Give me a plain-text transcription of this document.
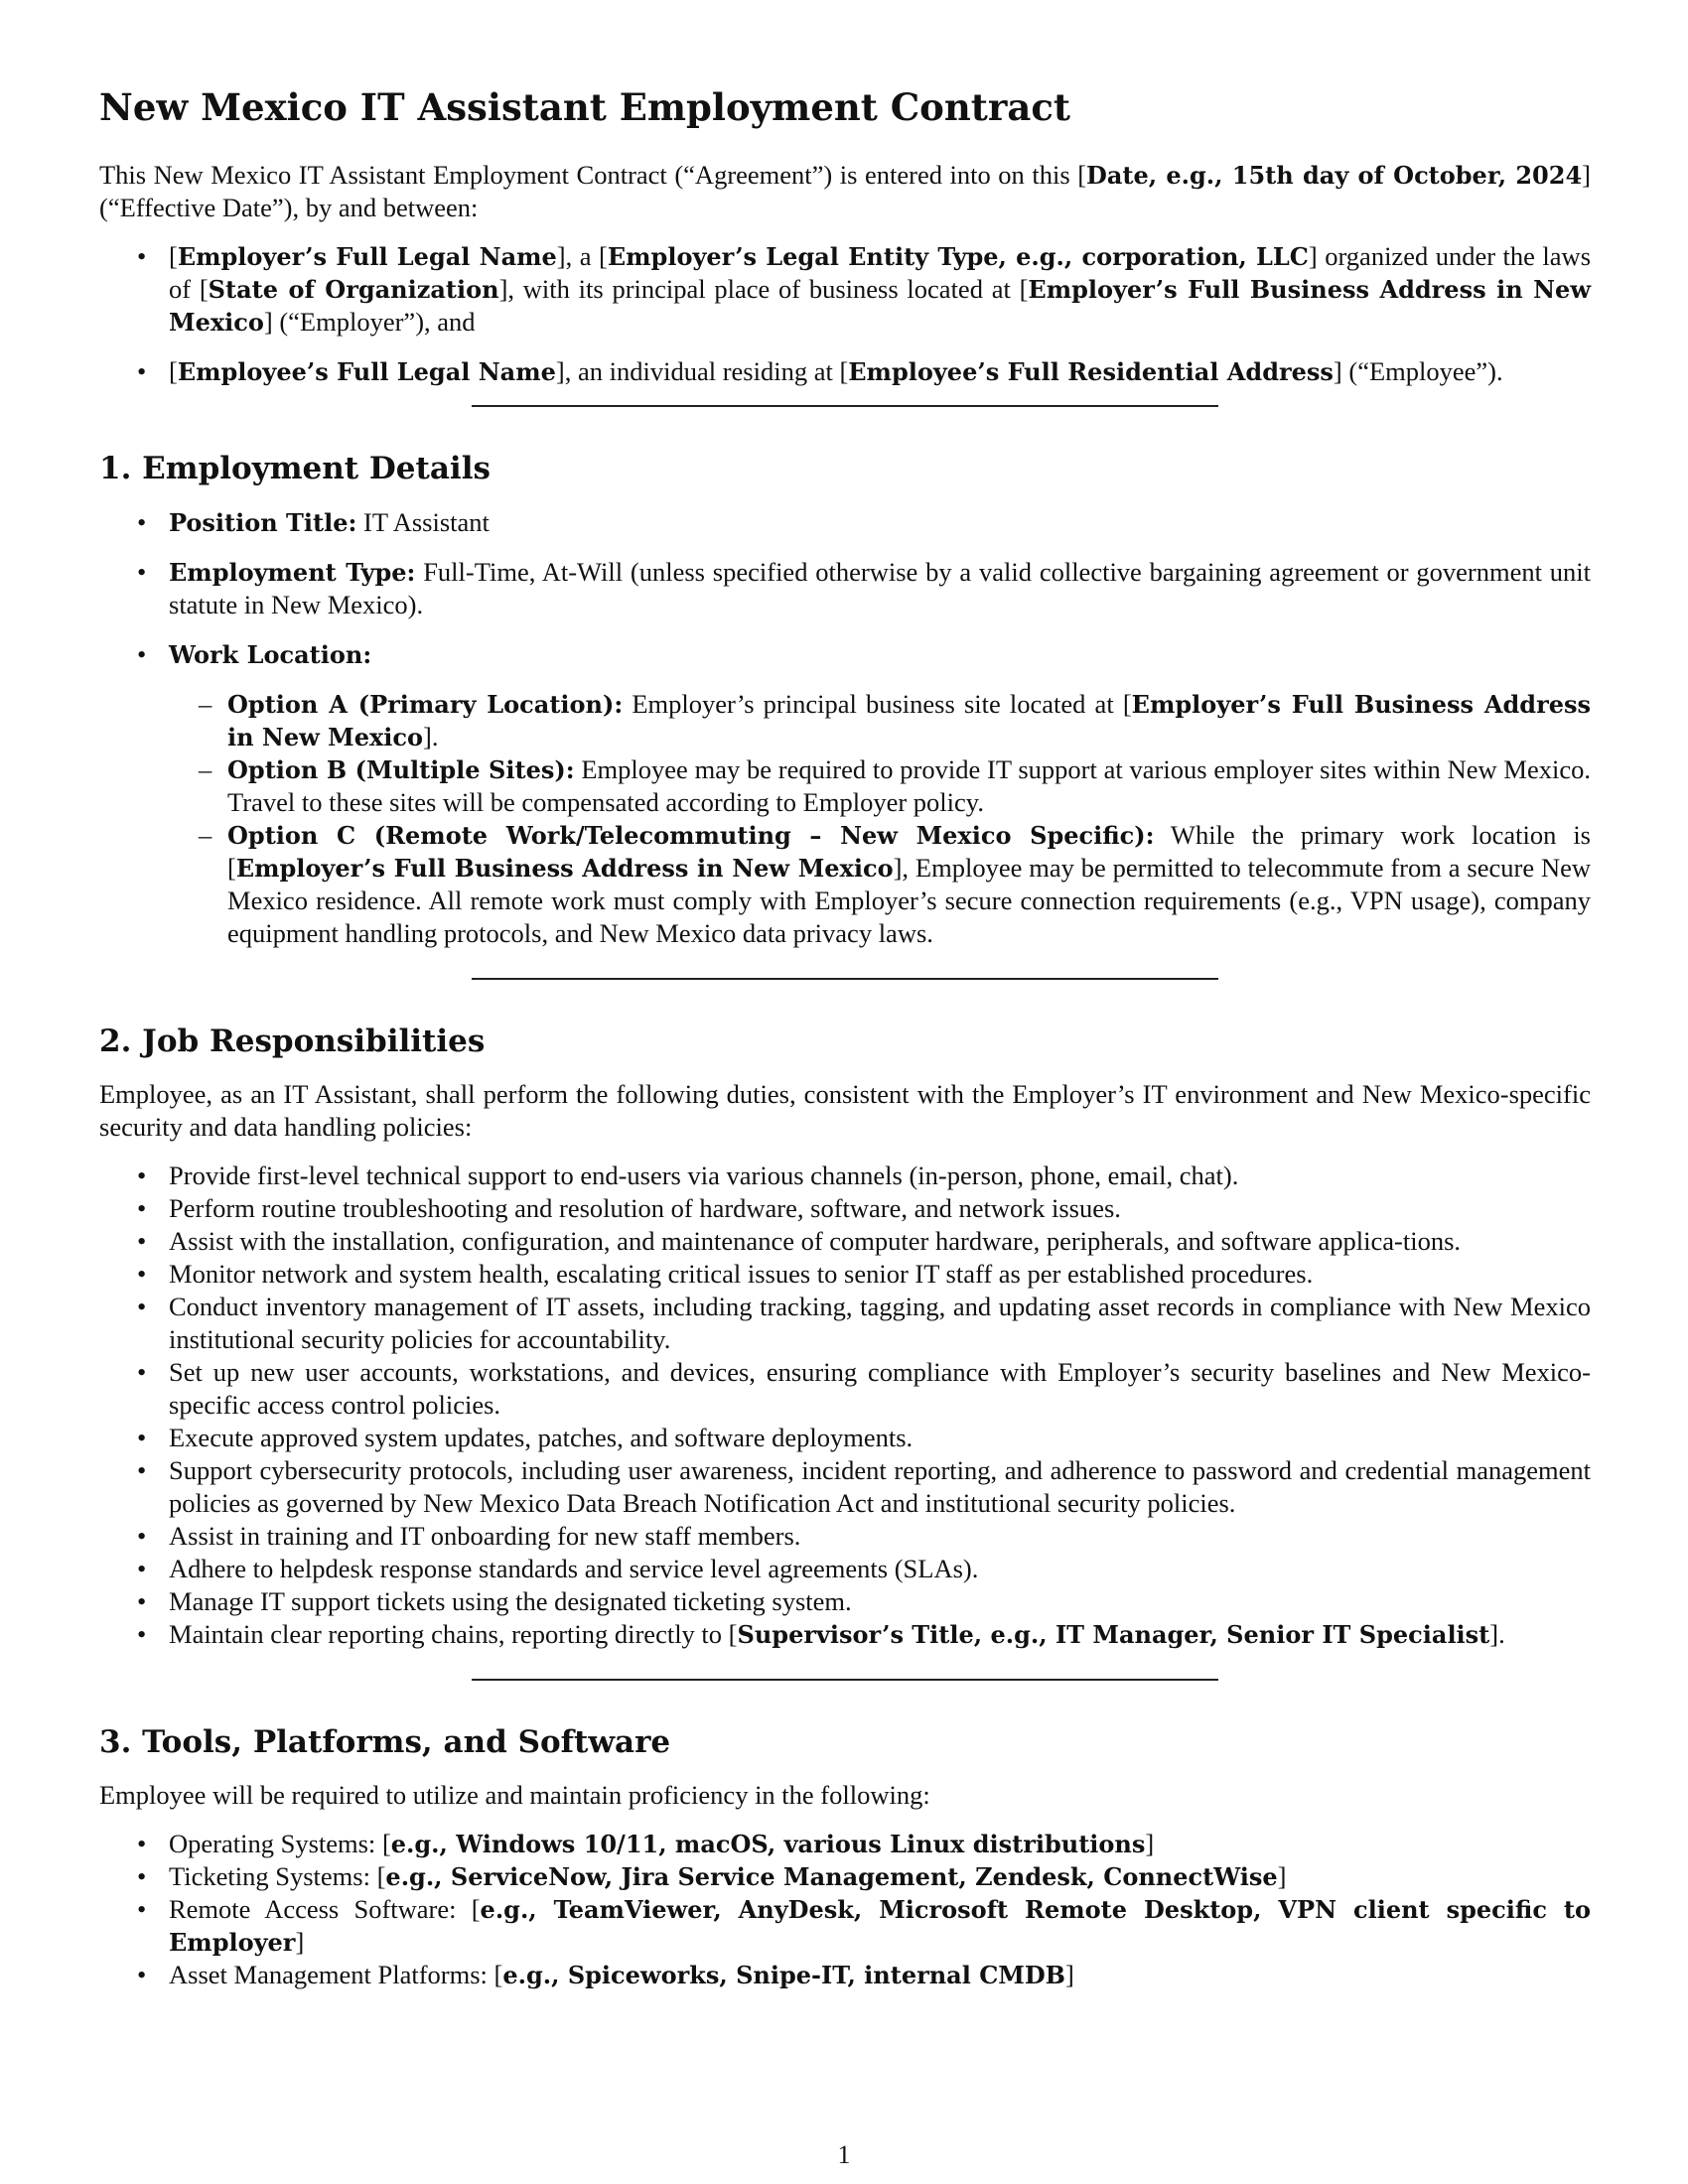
New Mexico IT Assistant Employment Contract

This New Mexico IT Assistant Employment Contract (“Agreement”) is entered into on this [Date, e.g., 15th day of October, 2024] (“Effective Date”), by and between:

• [Employer’s Full Legal Name], a [Employer’s Legal Entity Type, e.g., corporation, LLC] organized under the laws of [State of Organization], with its principal place of business located at [Employer’s Full Business Address in New Mexico] (“Employer”), and
• [Employee’s Full Legal Name], an individual residing at [Employee’s Full Residential Address] (“Employee”).
1. Employment Details
• Position Title: IT Assistant
• Employment Type: Full-Time, At-Will (unless specified otherwise by a valid collective bargaining agreement or government unit statute in New Mexico).
• Work Location:
– Option A (Primary Location): Employer’s principal business site located at [Employer’s Full Business Address in New Mexico].
– Option B (Multiple Sites): Employee may be required to provide IT support at various employer sites within New Mexico. Travel to these sites will be compensated according to Employer policy.
– Option C (Remote Work/Telecommuting – New Mexico Specific): While the primary work location is [Employer’s Full Business Address in New Mexico], Employee may be permitted to telecommute from a secure New Mexico residence. All remote work must comply with Employer’s secure connection requirements (e.g., VPN usage), company equipment handling protocols, and New Mexico data privacy laws.
2. Job Responsibilities

Employee, as an IT Assistant, shall perform the following duties, consistent with the Employer’s IT environment and New Mexico-specific security and data handling policies:

• Provide first-level technical support to end-users via various channels (in-person, phone, email, chat).
• Perform routine troubleshooting and resolution of hardware, software, and network issues.
• Assist with the installation, configuration, and maintenance of computer hardware, peripherals, and software applica-tions.
• Monitor network and system health, escalating critical issues to senior IT staff as per established procedures.
• Conduct inventory management of IT assets, including tracking, tagging, and updating asset records in compliance with New Mexico institutional security policies for accountability.
• Set up new user accounts, workstations, and devices, ensuring compliance with Employer’s security baselines and New Mexico-specific access control policies.
• Execute approved system updates, patches, and software deployments.
• Support cybersecurity protocols, including user awareness, incident reporting, and adherence to password and credential management policies as governed by New Mexico Data Breach Notification Act and institutional security policies.
• Assist in training and IT onboarding for new staff members.
• Adhere to helpdesk response standards and service level agreements (SLAs).
• Manage IT support tickets using the designated ticketing system.
• Maintain clear reporting chains, reporting directly to [Supervisor’s Title, e.g., IT Manager, Senior IT Specialist].
3. Tools, Platforms, and Software

Employee will be required to utilize and maintain proficiency in the following:

• Operating Systems: [e.g., Windows 10/11, macOS, various Linux distributions]
• Ticketing Systems: [e.g., ServiceNow, Jira Service Management, Zendesk, ConnectWise]
• Remote Access Software: [e.g., TeamViewer, AnyDesk, Microsoft Remote Desktop, VPN client specific to Employer]
• Asset Management Platforms: [e.g., Spiceworks, Snipe-IT, internal CMDB]
1
